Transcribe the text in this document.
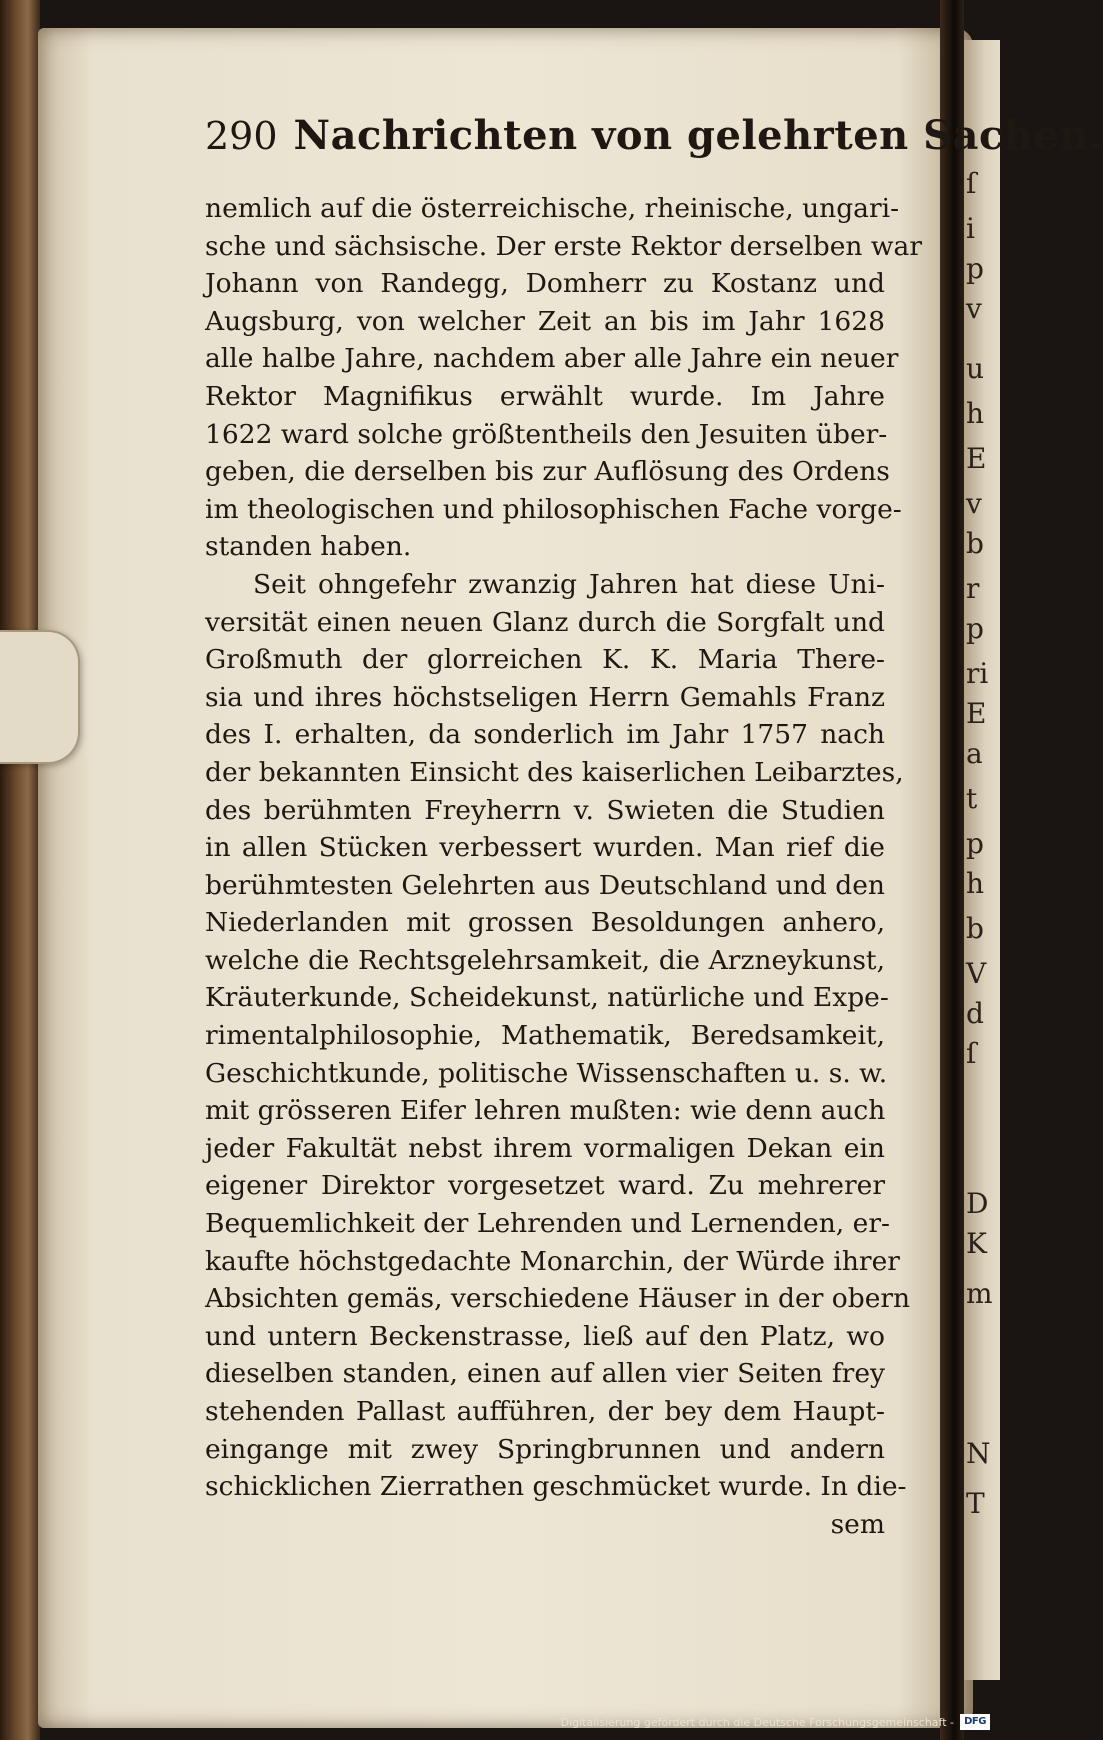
ſ
i
p
v
u
h
E
v
b
r
p
ri
E
a
t
p
h
b
V
d
ſ
D
K
m
N
T
290 Nachrichten von gelehrten Sachen.
nemlich auf die österreichische, rheinische, ungari-
sche und sächsische. Der erste Rektor derselben war
Johann von Randegg, Domherr zu Kostanz und
Augsburg, von welcher Zeit an bis im Jahr 1628
alle halbe Jahre, nachdem aber alle Jahre ein neuer
Rektor Magnifikus erwählt wurde. Im Jahre
1622 ward solche größtentheils den Jesuiten über-
geben, die derselben bis zur Auflösung des Ordens
im theologischen und philosophischen Fache vorge-
standen haben.
Seit ohngefehr zwanzig Jahren hat diese Uni-
versität einen neuen Glanz durch die Sorgfalt und
Großmuth der glorreichen K. K. Maria There-
sia und ihres höchstseligen Herrn Gemahls Franz
des I. erhalten, da sonderlich im Jahr 1757 nach
der bekannten Einsicht des kaiserlichen Leibarztes,
des berühmten Freyherrn v. Swieten die Studien
in allen Stücken verbessert wurden. Man rief die
berühmtesten Gelehrten aus Deutschland und den
Niederlanden mit grossen Besoldungen anhero,
welche die Rechtsgelehrsamkeit, die Arzneykunst,
Kräuterkunde, Scheidekunst, natürliche und Expe-
rimentalphilosophie, Mathematik, Beredsamkeit,
Geschichtkunde, politische Wissenschaften u. s. w.
mit grösseren Eifer lehren mußten: wie denn auch
jeder Fakultät nebst ihrem vormaligen Dekan ein
eigener Direktor vorgesetzet ward. Zu mehrerer
Bequemlichkeit der Lehrenden und Lernenden, er-
kaufte höchstgedachte Monarchin, der Würde ihrer
Absichten gemäs, verschiedene Häuser in der obern
und untern Beckenstrasse, ließ auf den Platz, wo
dieselben standen, einen auf allen vier Seiten frey
stehenden Pallast aufführen, der bey dem Haupt-
eingange mit zwey Springbrunnen und andern
schicklichen Zierrathen geschmücket wurde. In die-
sem
Digitalisierung gefördert durch die Deutsche Forschungsgemeinschaft -	DFG
